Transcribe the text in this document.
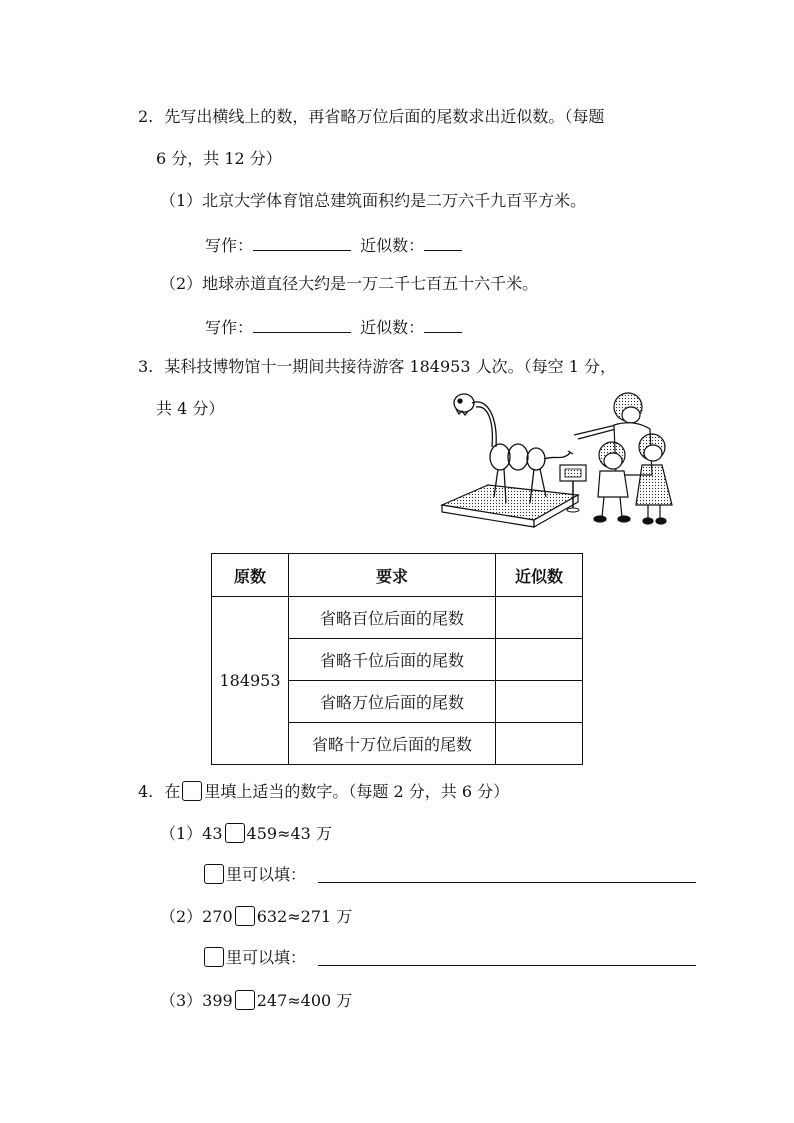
2. 先写出横线上的数，再省略万位后面的尾数求出近似数。（每题
6 分，共 12 分）
（1）北京大学体育馆总建筑面积约是二万六千九百平方米。
写作：	近似数：
（2）地球赤道直径大约是一万二千七百五十六千米。
写作：	近似数：
3. 某科技博物馆十一期间共接待游客 184953 人次。（每空 1 分，
共 4 分）
原数	要求	近似数
184953	省略百位后面的尾数	
	省略千位后面的尾数	
	省略万位后面的尾数	
	省略十万位后面的尾数	
4. 在 里填上适当的数字。（每题 2 分，共 6 分）
（1）43 459≈43 万
里可以填：
（2）270 632≈271 万
里可以填：
（3）399 247≈400 万
